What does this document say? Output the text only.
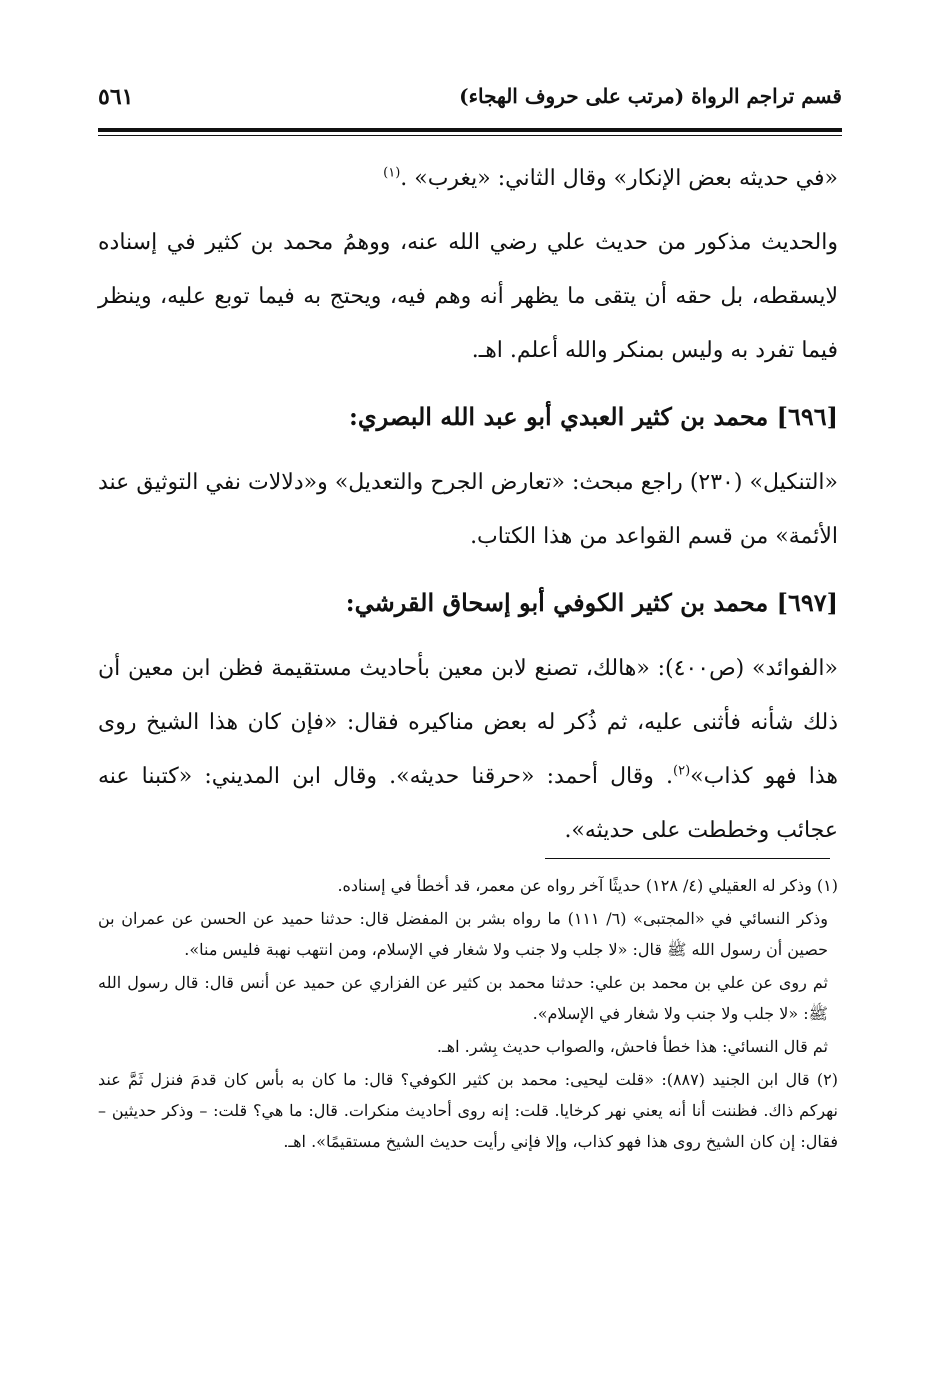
قسم تراجم الرواة (مرتب على حروف الهجاء)
٥٦١

«في حديثه بعض الإنكار» وقال الثاني: «يغرب» .$^{(١)}$

والحديث مذكور من حديث علي رضي الله عنه، ووهمُ محمد بن كثير في إسناده لايسقطه، بل حقه أن يتقى ما يظهر أنه وهم فيه، ويحتج به فيما توبع عليه، وينظر فيما تفرد به وليس بمنكر والله أعلم. اهـ.

[٦٩٦] محمد بن كثير العبدي أبو عبد الله البصري:

«التنكيل» (٢٣٠) راجع مبحث: «تعارض الجرح والتعديل» و«دلالات نفي التوثيق عند الأئمة» من قسم القواعد من هذا الكتاب.

[٦٩٧] محمد بن كثير الكوفي أبو إسحاق القرشي:

«الفوائد» (ص٤٠٠): «هالك، تصنع لابن معين بأحاديث مستقيمة فظن ابن معين أن ذلك شأنه فأثنى عليه، ثم ذُكر له بعض مناكيره فقال: «فإن كان هذا الشيخ روى هذا فهو كذاب»$^{(٢)}$. وقال أحمد: «حرقنا حديثه». وقال ابن المديني: «كتبنا عنه عجائب وخططت على حديثه».

(١) وذكر له العقيلي (٤/ ١٢٨) حديثًا آخر رواه عن معمر، قد أخطأ في إسناده.

وذكر النسائي في «المجتبى» (٦/ ١١١) ما رواه بشر بن المفضل قال: حدثنا حميد عن الحسن عن عمران بن حصين أن رسول الله ﷺ قال: «لا جلب ولا جنب ولا شغار في الإسلام، ومن انتهب نهبة فليس منا».

ثم روى عن علي بن محمد بن علي: حدثنا محمد بن كثير عن الفزاري عن حميد عن أنس قال: قال رسول الله ﷺ: «لا جلب ولا جنب ولا شغار في الإسلام».

ثم قال النسائي: هذا خطأ فاحش، والصواب حديث بِشر. اهـ.

(٢) قال ابن الجنيد (٨٨٧): «قلت ليحيى: محمد بن كثير الكوفي؟ قال: ما كان به بأس كان قدمَ فنزل ثَمَّ عند نهركم ذاك. فظننت أنا أنه يعني نهر كرخايا. قلت: إنه روى أحاديث منكرات. قال: ما هي؟ قلت: – وذكر حديثين – فقال: إن كان الشيخ روى هذا فهو كذاب، وإلا فإني رأيت حديث الشيخ مستقيمًا». اهـ.
